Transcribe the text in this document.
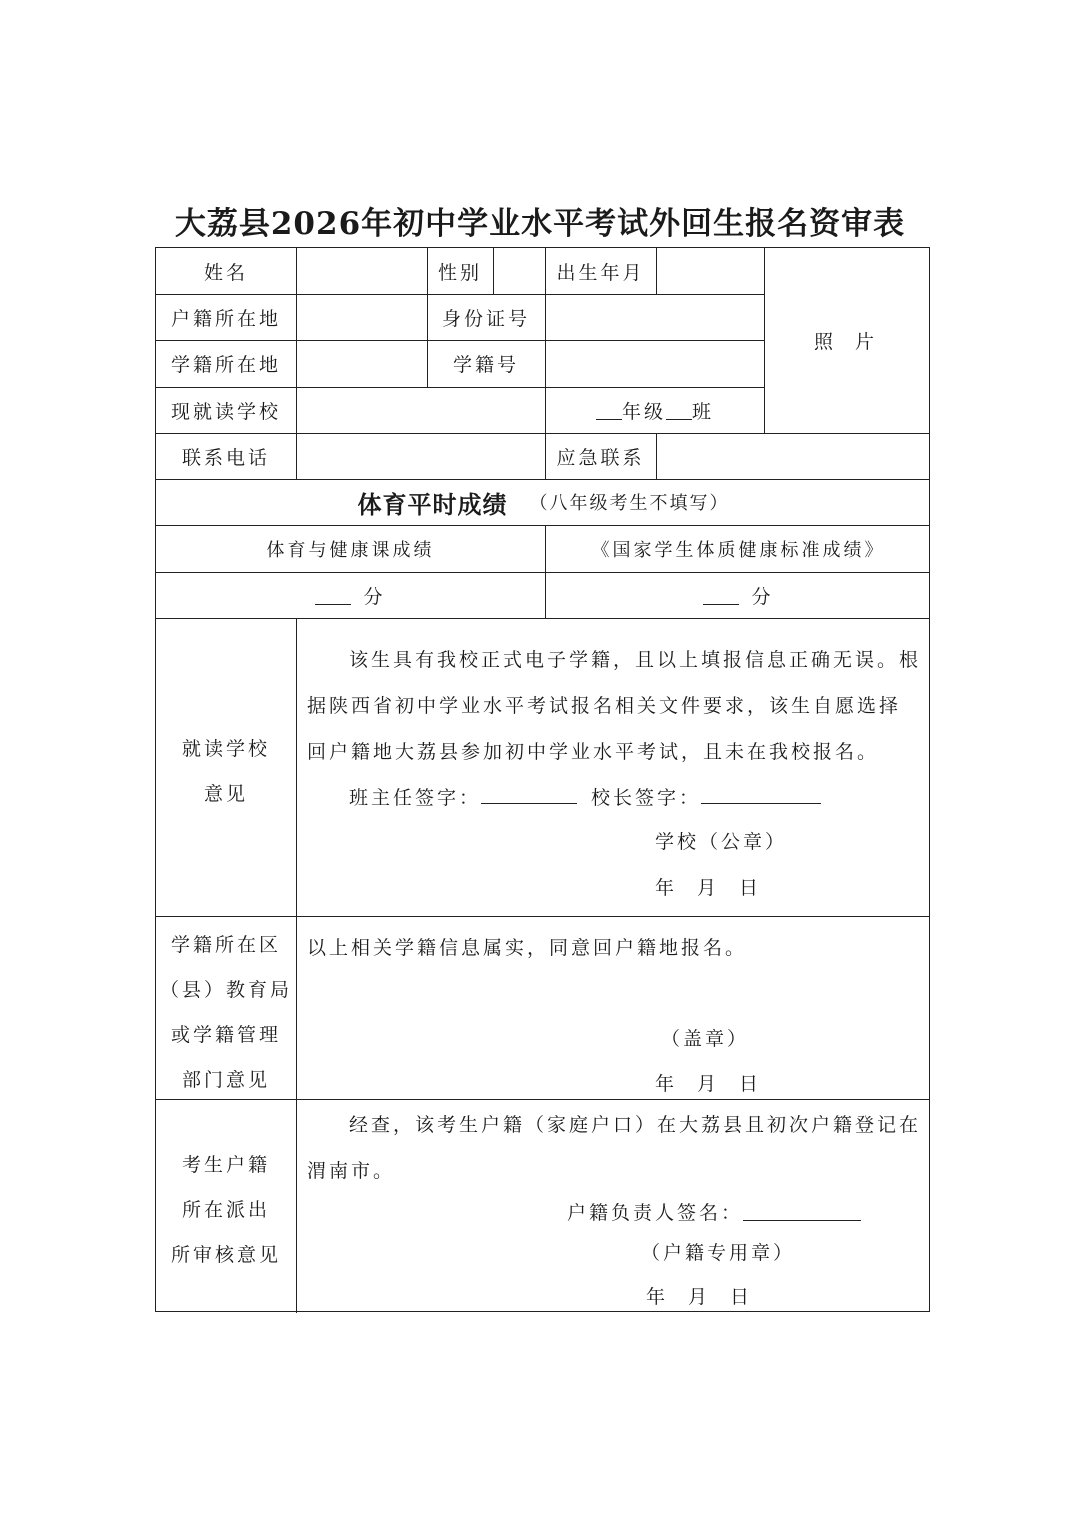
大荔县2026年初中学业水平考试外回生报名资审表
姓名	性别	出生年月
户籍所在地	身份证号
学籍所在地	学籍号
现就读学校	年级 班
照 片
联系电话	应急联系
体育平时成绩 （八年级考生不填写）
体育与健康课成绩	《国家学生体质健康标准成绩》
分	分
就读学校
意见

该生具有我校正式电子学籍，且以上填报信息正确无误。根据陕西省初中学业水平考试报名相关文件要求，该生自愿选择回户籍地大荔县参加初中学业水平考试，且未在我校报名。

班主任签字：	校长签字：

学校（公章）
年　月　日
学籍所在区
（县）教育局
或学籍管理
部门意见
以上相关学籍信息属实，同意回户籍地报名。
（盖章）
年　月　日
考生户籍
所在派出
所审核意见

经查，该考生户籍（家庭户口）在大荔县且初次户籍登记在渭南市。

户籍负责人签名：
（户籍专用章）
年　月　日
